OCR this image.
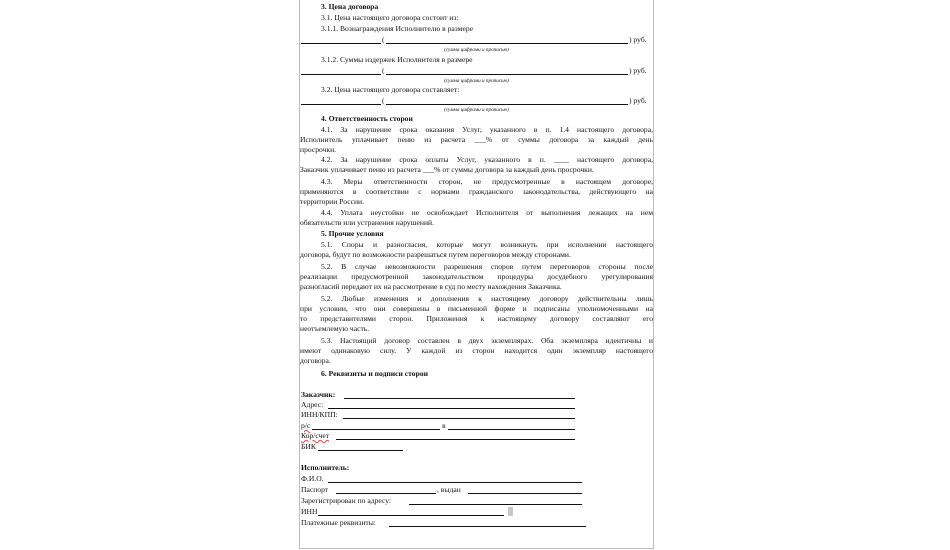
3. Цена договора
3.1. Цена настоящего договора состоит из:
3.1.1. Вознаграждения Исполнителю в размере
(	) руб.
(сумма цифрами и прописью)
3.1.2. Суммы издержек Исполнителя в размере
(	) руб.
(сумма цифрами и прописью)
3.2. Цена настоящего договора составляет:
(	) руб.
(сумма цифрами и прописью)
4. Ответственность сторон
4.1. За нарушение срока оказания Услуг, указанного в п. 1.4 настоящего договора,
Исполнитель уплачивает пеню из расчета ___% от суммы договора за каждый день
просрочки.
4.2. За нарушение срока оплаты Услуг, указанного в п. ____ настоящего договора,
Заказчик уплачивает пеню из расчета ___% от суммы договора за каждый день просрочки.
4.3. Меры ответственности сторон, не предусмотренные в настоящем договоре,
применяются в соответствии с нормами гражданского законодательства, действующего на
территории России.
4.4. Уплата неустойки не освобождает Исполнителя от выполнения лежащих на нем
обязательств или устранения нарушений.
5. Прочие условия
5.1. Споры и разногласия, которые могут возникнуть при исполнении настоящего
договора, будут по возможности разрешаться путем переговоров между сторонами.
5.2. В случае невозможности разрешения споров путем переговоров стороны после
реализации предусмотренной законодательством процедуры досудебного урегулирования
разногласий передают их на рассмотрение в суд по месту нахождения Заказчика.
5.2. Любые изменения и дополнения к настоящему договору действительны лишь
при условии, что они совершены в письменной форме и подписаны уполномоченными на
то представителями сторон. Приложения к настоящему договору составляют его
неотъемлемую часть.
5.3. Настоящий договор составлен в двух экземплярах. Оба экземпляра идентичны и
имеют одинаковую силу. У каждой из сторон находится один экземпляр настоящего
договора.
6. Реквизиты и подписи сторон
Заказчик:
Адрес:
ИНН/КПП:
р/с	в
Кор/счет
БИК
Исполнитель:
Ф.И.О.
Паспорт	, выдан
Зарегистрирован по адресу:
ИНН
Платежные реквизиты:
